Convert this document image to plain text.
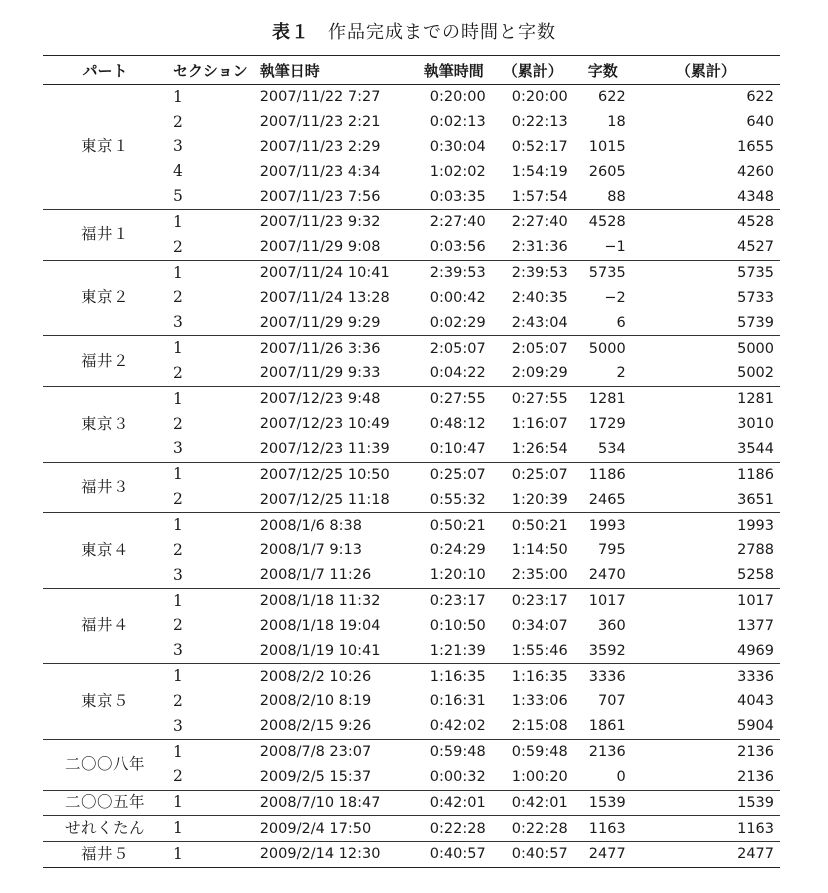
表１ 作品完成までの時間と字数
パート	セクション	執筆日時	執筆時間	（累計）	字数	（累計）
東京１	1	2007/11/22 7:27	0:20:00	0:20:00	622	622
	2	2007/11/23 2:21	0:02:13	0:22:13	18	640
	3	2007/11/23 2:29	0:30:04	0:52:17	1015	1655
	4	2007/11/23 4:34	1:02:02	1:54:19	2605	4260
	5	2007/11/23 7:56	0:03:35	1:57:54	88	4348
福井１	1	2007/11/23 9:32	2:27:40	2:27:40	4528	4528
	2	2007/11/29 9:08	0:03:56	2:31:36	−1	4527
東京２	1	2007/11/24 10:41	2:39:53	2:39:53	5735	5735
	2	2007/11/24 13:28	0:00:42	2:40:35	−2	5733
	3	2007/11/29 9:29	0:02:29	2:43:04	6	5739
福井２	1	2007/11/26 3:36	2:05:07	2:05:07	5000	5000
	2	2007/11/29 9:33	0:04:22	2:09:29	2	5002
東京３	1	2007/12/23 9:48	0:27:55	0:27:55	1281	1281
	2	2007/12/23 10:49	0:48:12	1:16:07	1729	3010
	3	2007/12/23 11:39	0:10:47	1:26:54	534	3544
福井３	1	2007/12/25 10:50	0:25:07	0:25:07	1186	1186
	2	2007/12/25 11:18	0:55:32	1:20:39	2465	3651
東京４	1	2008/1/6 8:38	0:50:21	0:50:21	1993	1993
	2	2008/1/7 9:13	0:24:29	1:14:50	795	2788
	3	2008/1/7 11:26	1:20:10	2:35:00	2470	5258
福井４	1	2008/1/18 11:32	0:23:17	0:23:17	1017	1017
	2	2008/1/18 19:04	0:10:50	0:34:07	360	1377
	3	2008/1/19 10:41	1:21:39	1:55:46	3592	4969
東京５	1	2008/2/2 10:26	1:16:35	1:16:35	3336	3336
	2	2008/2/10 8:19	0:16:31	1:33:06	707	4043
	3	2008/2/15 9:26	0:42:02	2:15:08	1861	5904
二〇〇八年	1	2008/7/8 23:07	0:59:48	0:59:48	2136	2136
	2	2009/2/5 15:37	0:00:32	1:00:20	0	2136
二〇〇五年	1	2008/7/10 18:47	0:42:01	0:42:01	1539	1539
せれくたん	1	2009/2/4 17:50	0:22:28	0:22:28	1163	1163
福井５	1	2009/2/14 12:30	0:40:57	0:40:57	2477	2477
